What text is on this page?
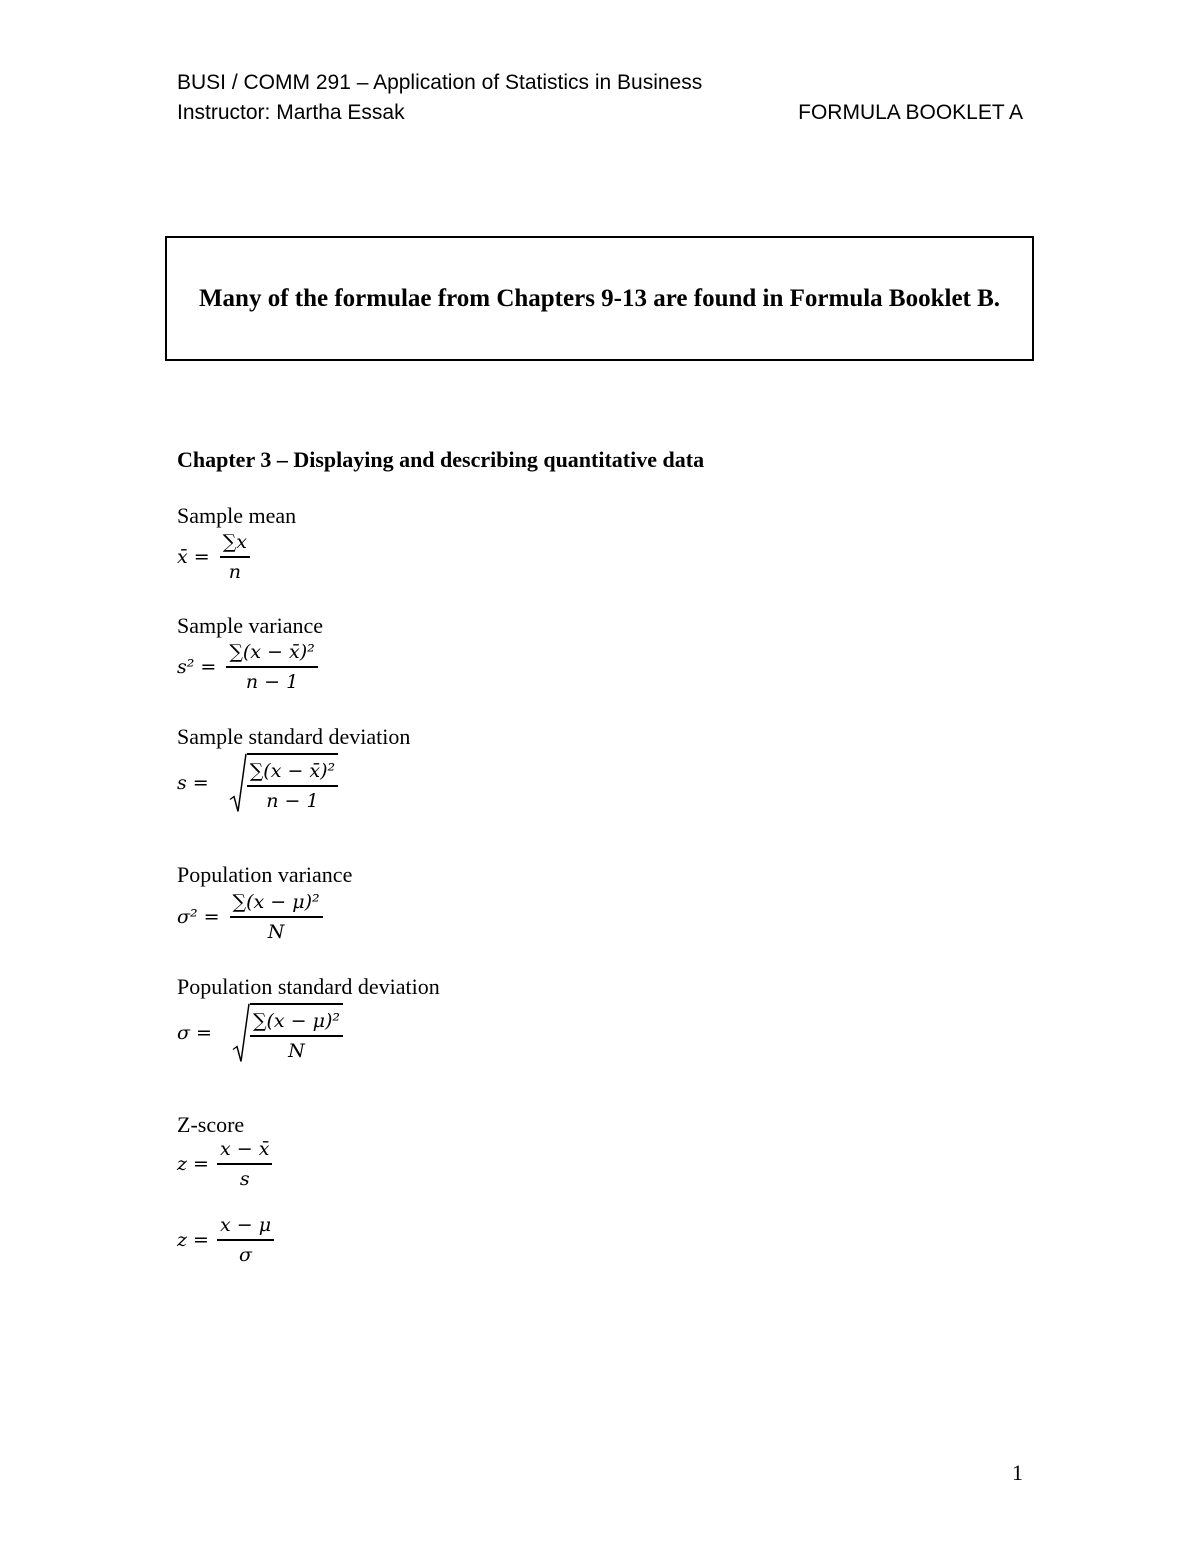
BUSI / COMM 291 – Application of Statistics in Business
Instructor: Martha Essak	FORMULA BOOKLET A
Many of the formulae from Chapters 9-13 are found in Formula Booklet B.
Chapter 3 – Displaying and describing quantitative data
Sample mean
x̄ = $\frac{\sum x}{n}$
Sample variance
$s^2 = \frac{\text{∑(x − x̄)²}}{n - 1}$
Sample standard deviation
$s = \frac{\text{∑(x − x̄)²}}{n - 1}$
Population variance
$\sigma^2 = \frac{\text{∑(x − μ)²}}{N}$
Population standard deviation
$\sigma = \frac{\text{∑(x − μ)²}}{N}$
Z-score
$z = \frac{x - x̄}{s}$
$z = \frac{x - \mu}{\sigma}$
1
